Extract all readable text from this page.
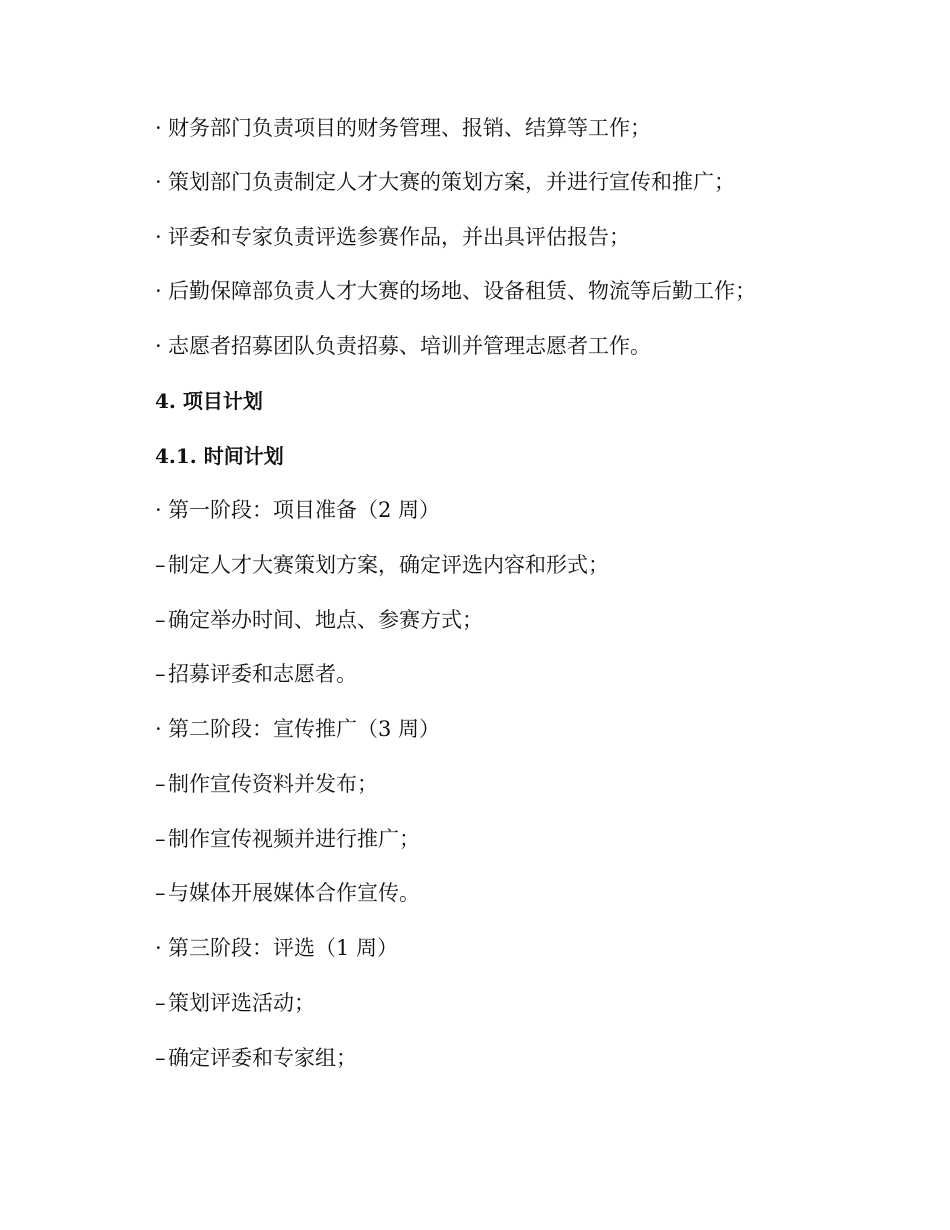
· 财务部门负责项目的财务管理、报销、结算等工作；
· 策划部门负责制定人才大赛的策划方案，并进行宣传和推广；
· 评委和专家负责评选参赛作品，并出具评估报告；
· 后勤保障部负责人才大赛的场地、设备租赁、物流等后勤工作；
· 志愿者招募团队负责招募、培训并管理志愿者工作。
4. 项目计划
4.1. 时间计划
· 第一阶段：项目准备（2 周）
– 制定人才大赛策划方案，确定评选内容和形式；
– 确定举办时间、地点、参赛方式；
– 招募评委和志愿者。
· 第二阶段：宣传推广（3 周）
– 制作宣传资料并发布；
– 制作宣传视频并进行推广；
– 与媒体开展媒体合作宣传。
· 第三阶段：评选（1 周）
– 策划评选活动；
– 确定评委和专家组；
